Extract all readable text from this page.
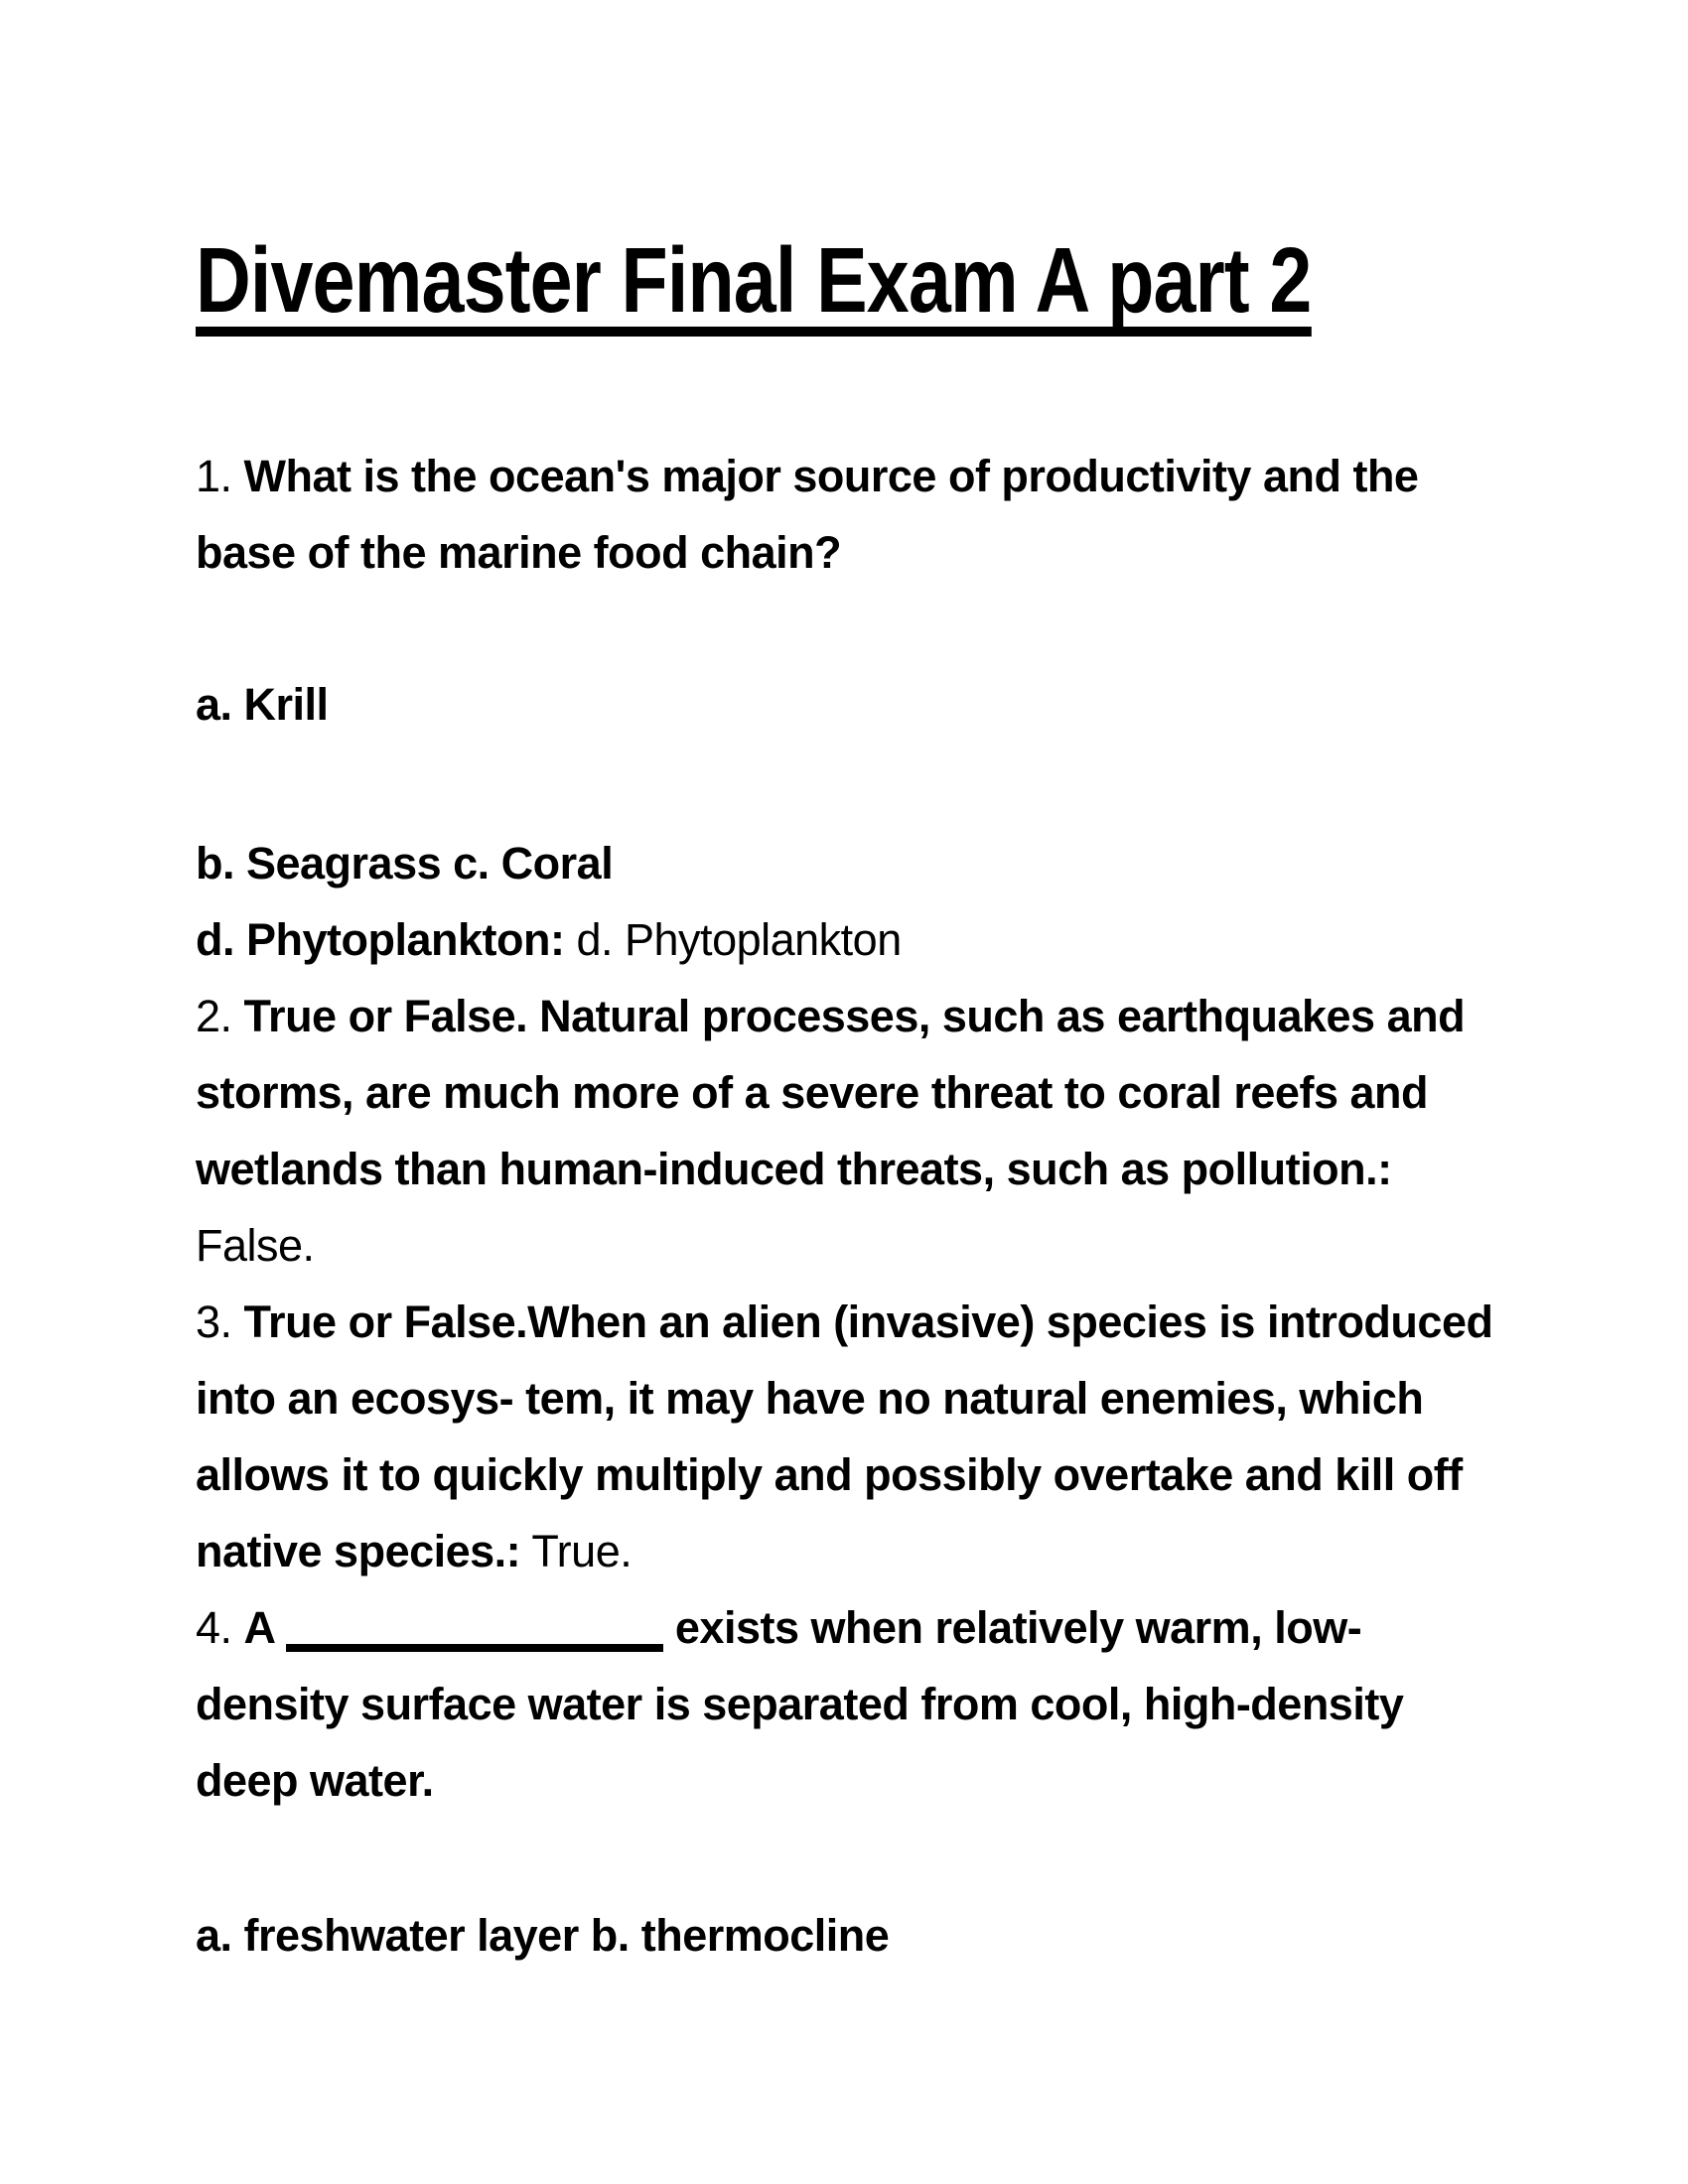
Divemaster Final Exam A part 2
1. What is the ocean's major source of productivity and the
base of the marine food chain?
a. Krill
b. Seagrass c. Coral
d. Phytoplankton: d. Phytoplankton
2. True or False. Natural processes, such as earthquakes and
storms, are much more of a severe threat to coral reefs and
wetlands than human-induced threats, such as pollution.:
False.
3. True or False.When an alien (invasive) species is introduced
into an ecosys- tem, it may have no natural enemies, which
allows it to quickly multiply and possibly overtake and kill off
native species.: True.
4. A	exists when relatively warm, low-
density surface water is separated from cool, high-density
deep water.
a. freshwater layer b. thermocline
